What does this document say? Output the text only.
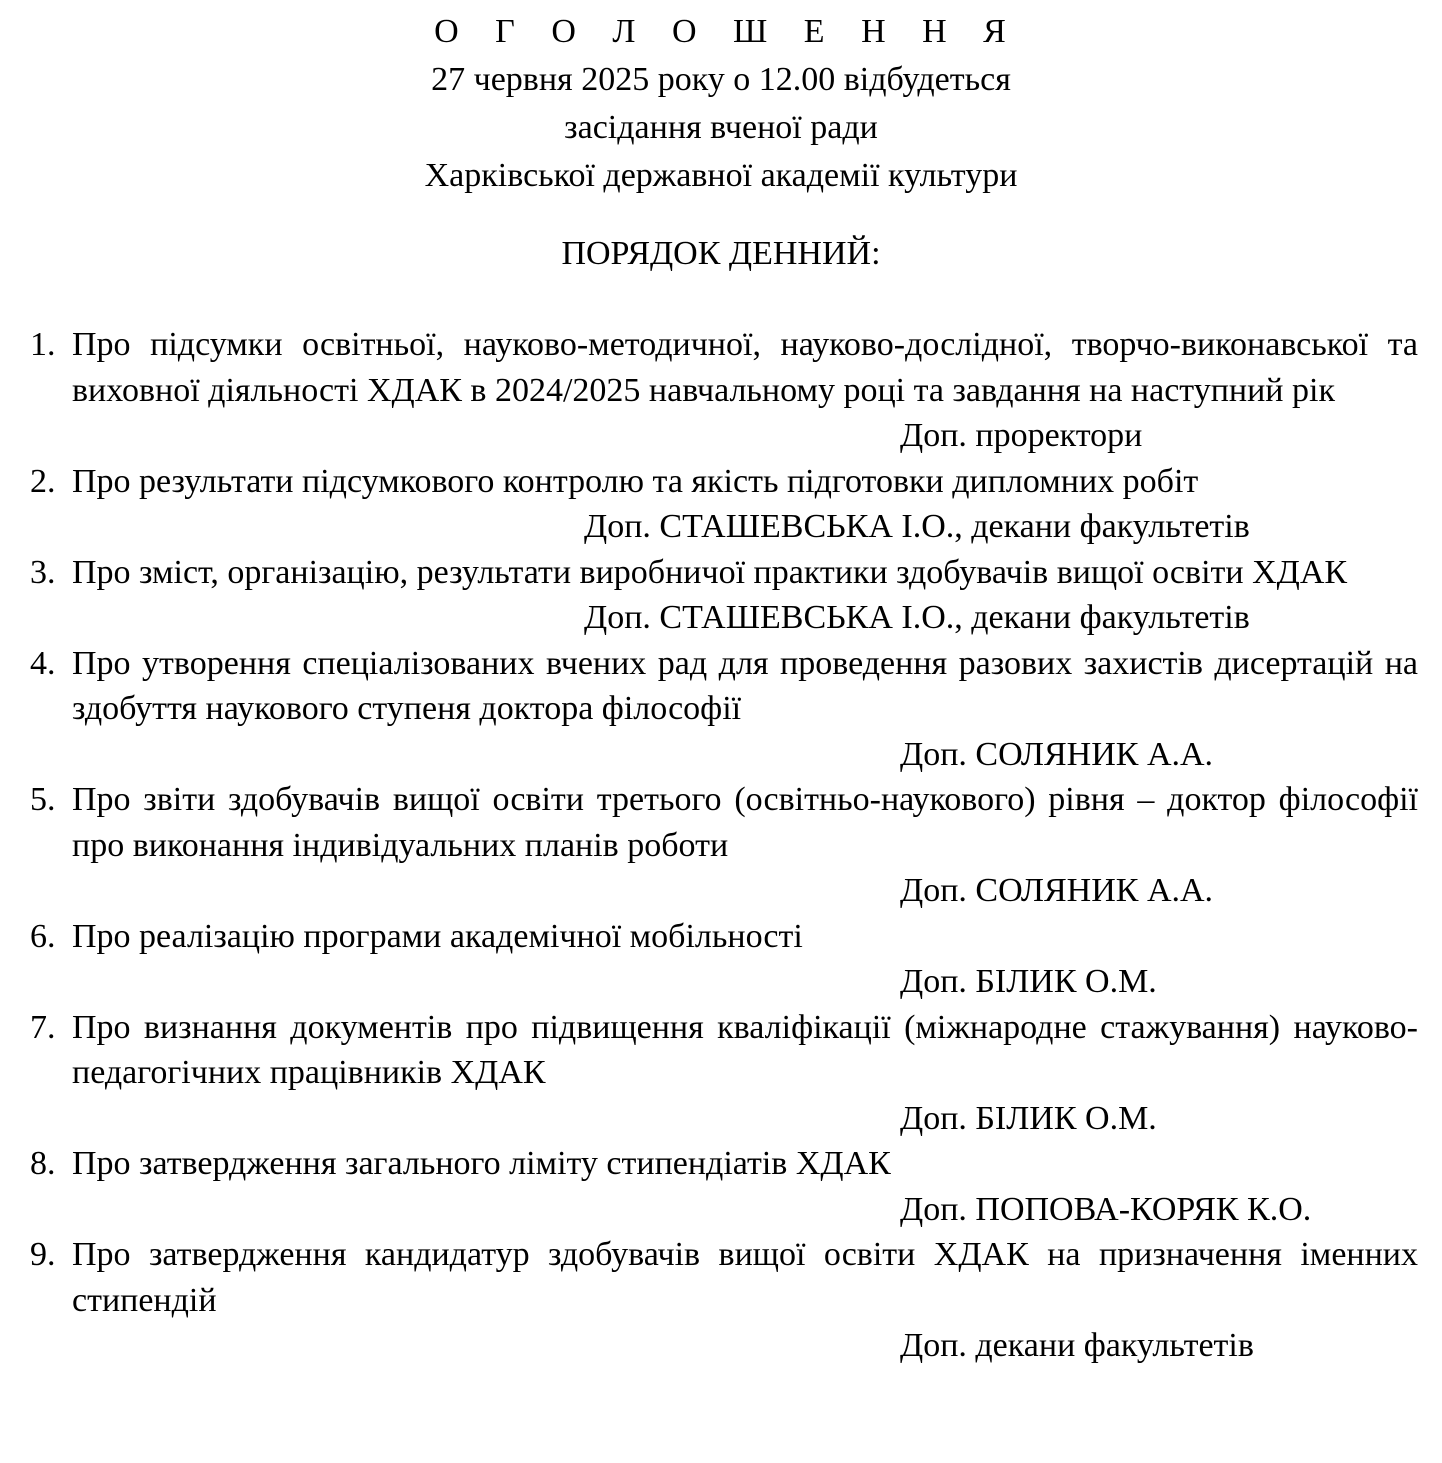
О Г О Л О Ш Е Н Н Я
27 червня 2025 року о 12.00 відбудеться
засідання вченої ради
Харківської державної академії культури
ПОРЯДОК ДЕННИЙ:
1. Про підсумки освітньої, науково-методичної, науково-дослідної, творчо-виконавської та виховної діяльності ХДАК в 2024/2025 навчальному році та завдання на наступний рік
Доп. проректори
2. Про результати підсумкового контролю та якість підготовки дипломних робіт
Доп. СТАШЕВСЬКА І.О., декани факультетів
3. Про зміст, організацію, результати виробничої практики здобувачів вищої освіти ХДАК
Доп. СТАШЕВСЬКА І.О., декани факультетів
4. Про утворення спеціалізованих вчених рад для проведення разових захистів дисертацій на здобуття наукового ступеня доктора філософії
Доп. СОЛЯНИК А.А.
5. Про звіти здобувачів вищої освіти третього (освітньо-наукового) рівня – доктор філософії про виконання індивідуальних планів роботи
Доп. СОЛЯНИК А.А.
6. Про реалізацію програми академічної мобільності
Доп. БІЛИК О.М.
7. Про визнання документів про підвищення кваліфікації (міжнародне стажування) науково-педагогічних працівників ХДАК
Доп. БІЛИК О.М.
8. Про затвердження загального ліміту стипендіатів ХДАК
Доп. ПОПОВА-КОРЯК К.О.
9. Про затвердження кандидатур здобувачів вищої освіти ХДАК на призначення іменних стипендій
Доп. декани факультетів
